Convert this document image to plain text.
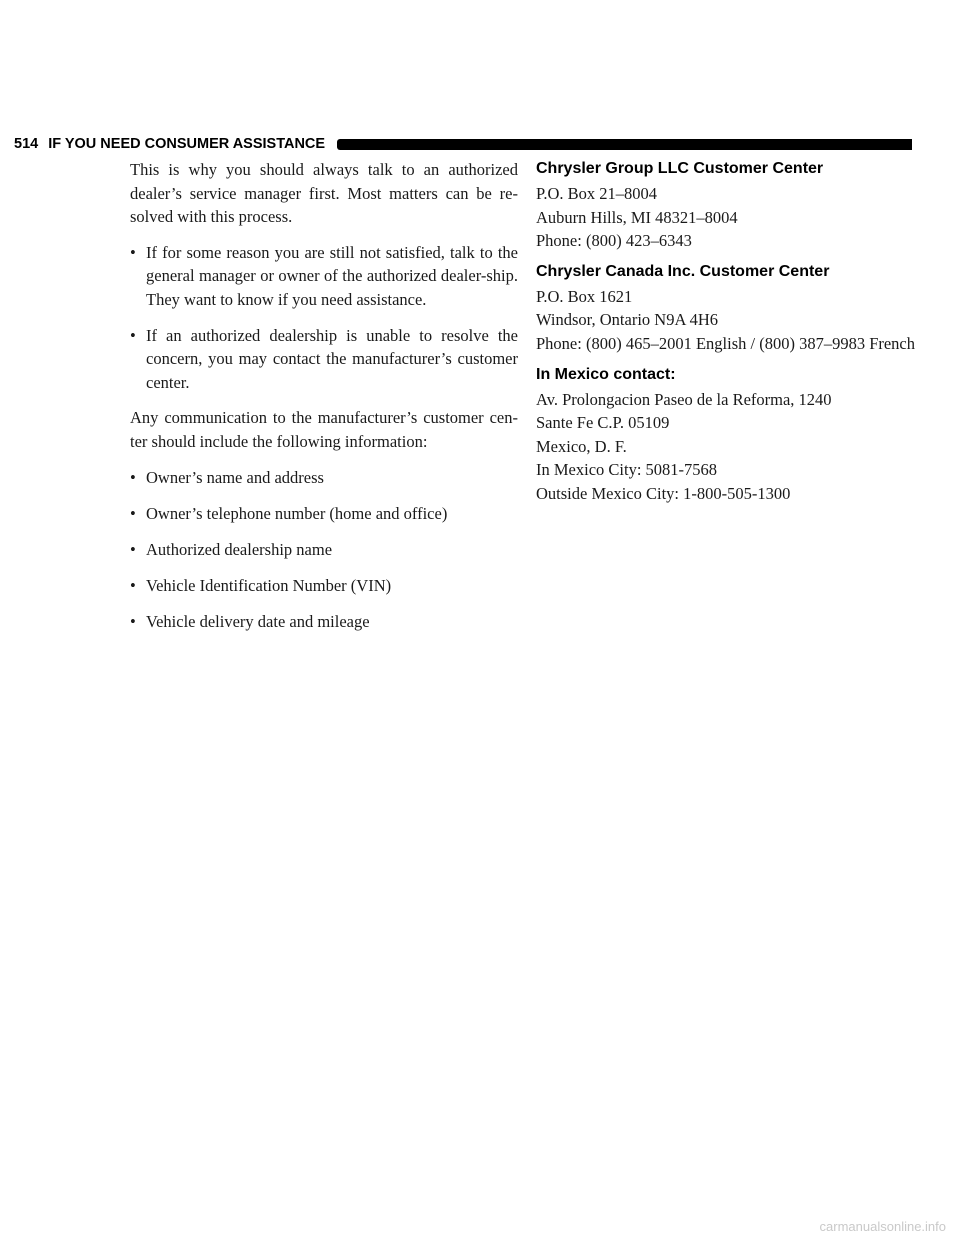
514 IF YOU NEED CONSUMER ASSISTANCE

This is why you should always talk to an authorized dealer’s service manager first. Most matters can be re-solved with this process.

• If for some reason you are still not satisfied, talk to the general manager or owner of the authorized dealer-ship. They want to know if you need assistance.
• If an authorized dealership is unable to resolve the concern, you may contact the manufacturer’s customer center.

Any communication to the manufacturer’s customer cen-ter should include the following information:

• Owner’s name and address
• Owner’s telephone number (home and office)
• Authorized dealership name
• Vehicle Identification Number (VIN)
• Vehicle delivery date and mileage
Chrysler Group LLC Customer Center
P.O. Box 21–8004
Auburn Hills, MI 48321–8004
Phone: (800) 423–6343
Chrysler Canada Inc. Customer Center
P.O. Box 1621
Windsor, Ontario N9A 4H6
Phone: (800) 465–2001 English / (800) 387–9983 French
In Mexico contact:
Av. Prolongacion Paseo de la Reforma, 1240
Sante Fe C.P. 05109
Mexico, D. F.
In Mexico City: 5081-7568
Outside Mexico City: 1-800-505-1300
carmanualsonline.info
